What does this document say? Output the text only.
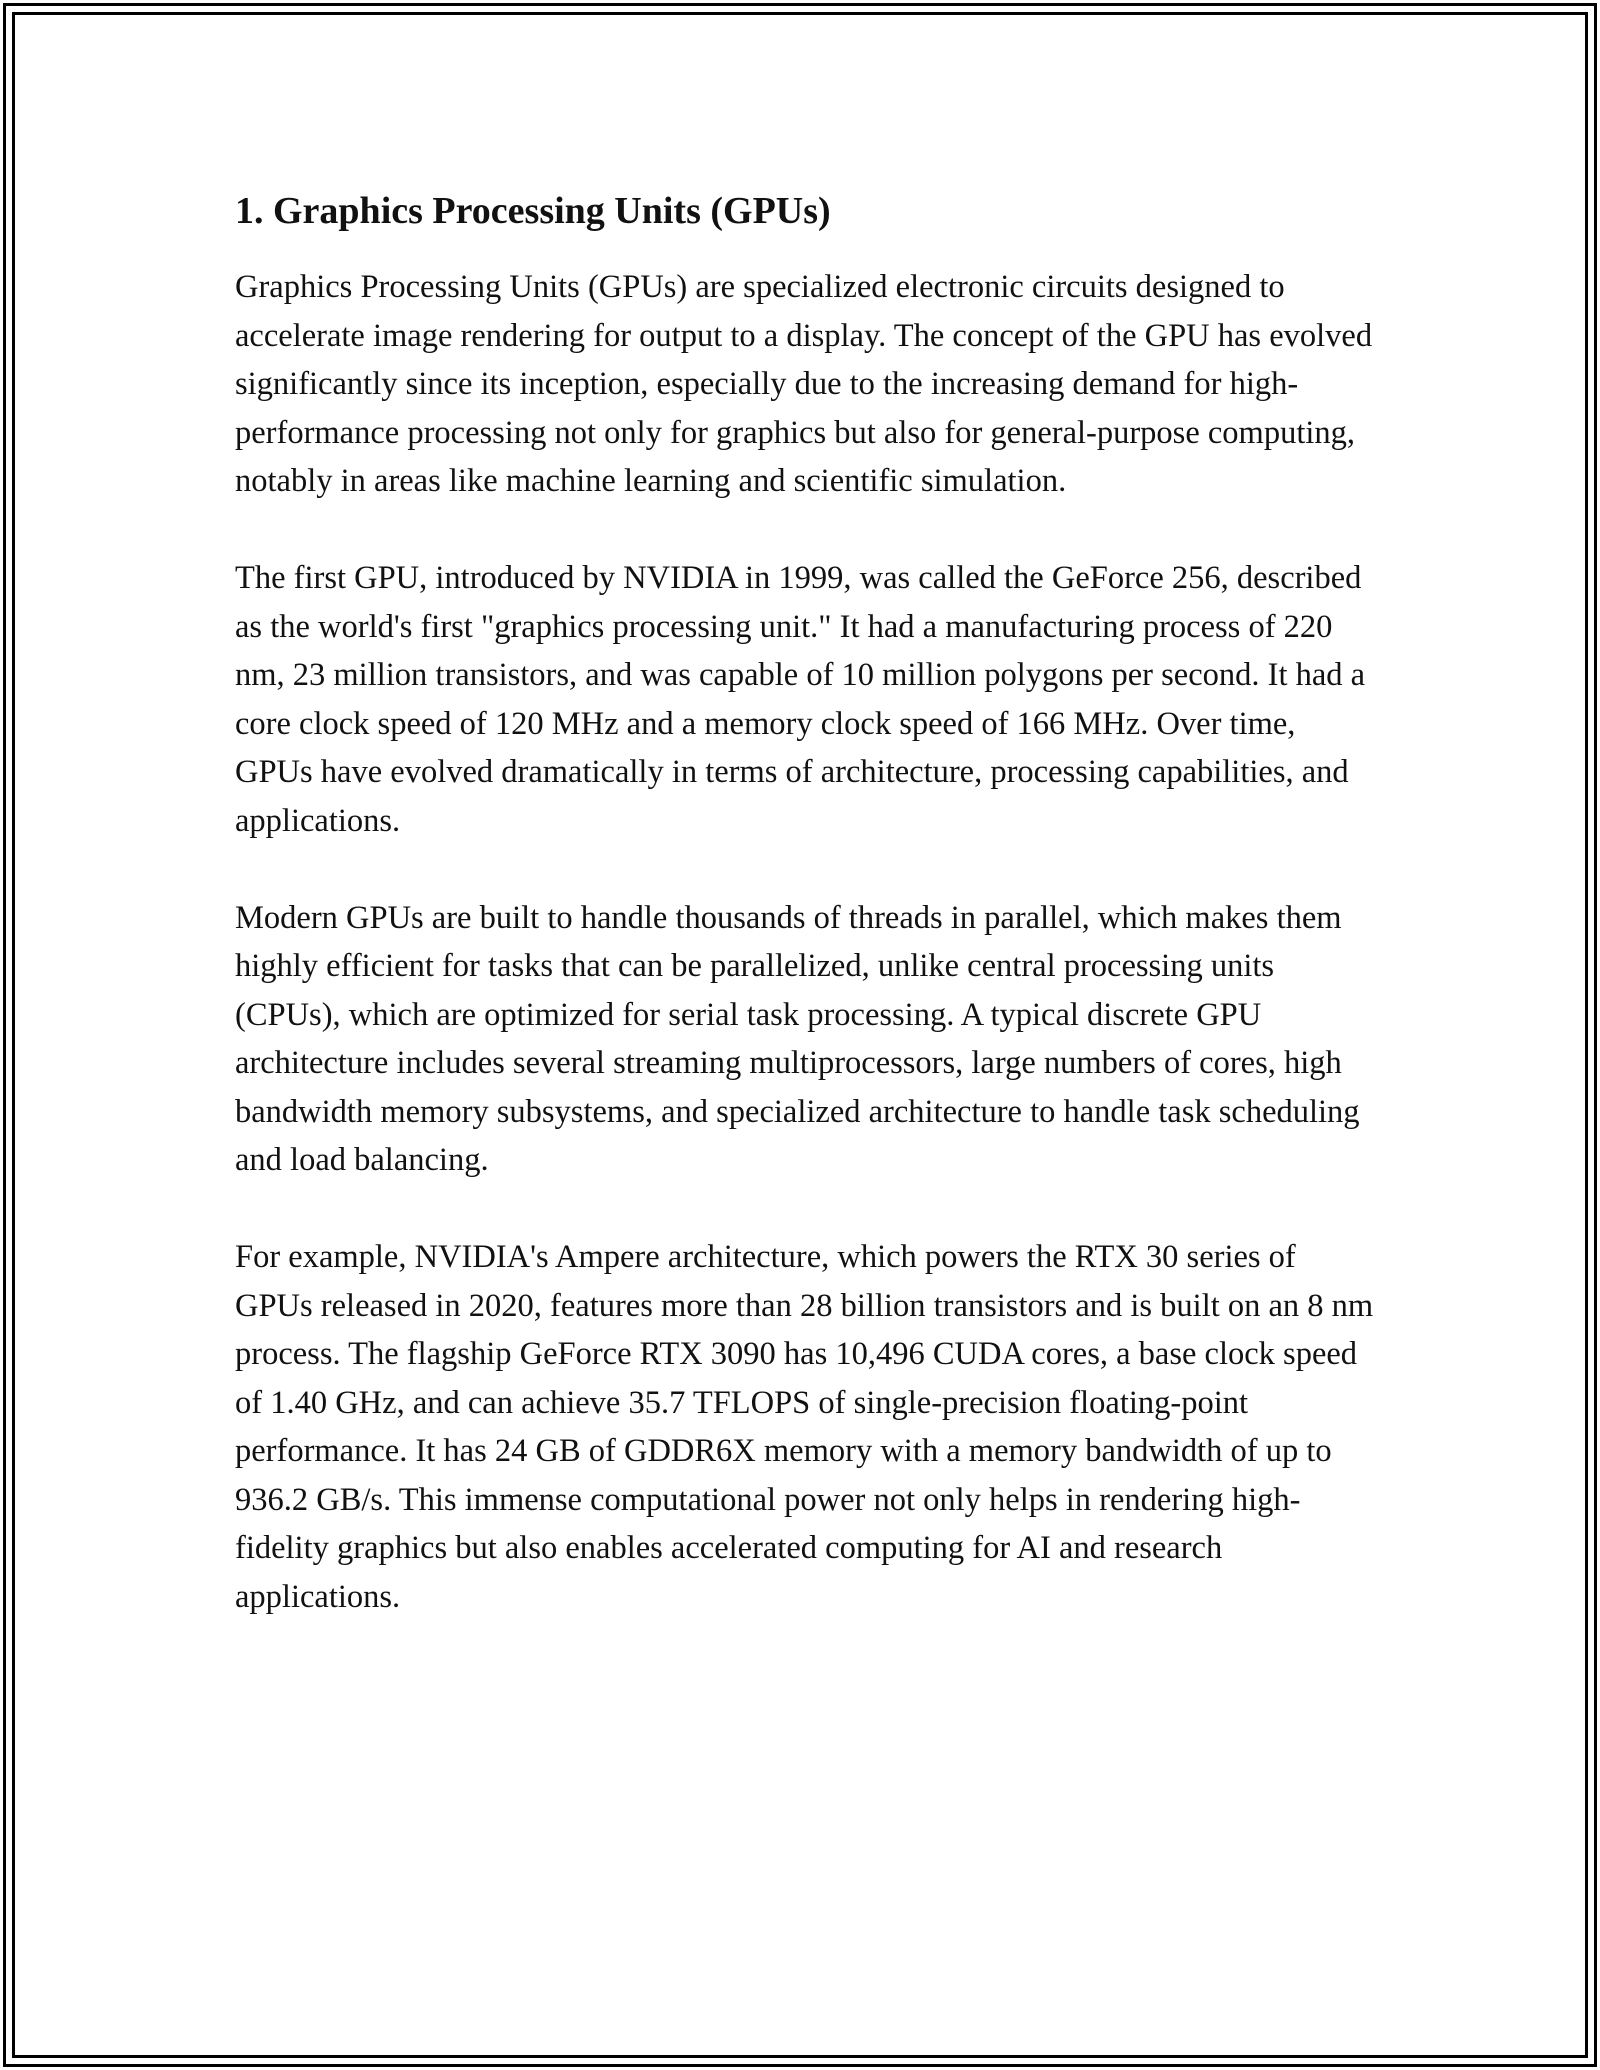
1. Graphics Processing Units (GPUs)

Graphics Processing Units (GPUs) are specialized electronic circuits designed to accelerate image rendering for output to a display. The concept of the GPU has evolved significantly since its inception, especially due to the increasing demand for high-performance processing not only for graphics but also for general-purpose computing, notably in areas like machine learning and scientific simulation.

The first GPU, introduced by NVIDIA in 1999, was called the GeForce 256, described as the world's first "graphics processing unit." It had a manufacturing process of 220 nm, 23 million transistors, and was capable of 10 million polygons per second. It had a core clock speed of 120 MHz and a memory clock speed of 166 MHz. Over time, GPUs have evolved dramatically in terms of architecture, processing capabilities, and applications.

Modern GPUs are built to handle thousands of threads in parallel, which makes them highly efficient for tasks that can be parallelized, unlike central processing units (CPUs), which are optimized for serial task processing. A typical discrete GPU architecture includes several streaming multiprocessors, large numbers of cores, high bandwidth memory subsystems, and specialized architecture to handle task scheduling and load balancing.

For example, NVIDIA's Ampere architecture, which powers the RTX 30 series of GPUs released in 2020, features more than 28 billion transistors and is built on an 8 nm process. The flagship GeForce RTX 3090 has 10,496 CUDA cores, a base clock speed of 1.40 GHz, and can achieve 35.7 TFLOPS of single-precision floating-point performance. It has 24 GB of GDDR6X memory with a memory bandwidth of up to 936.2 GB/s. This immense computational power not only helps in rendering high-fidelity graphics but also enables accelerated computing for AI and research applications.
